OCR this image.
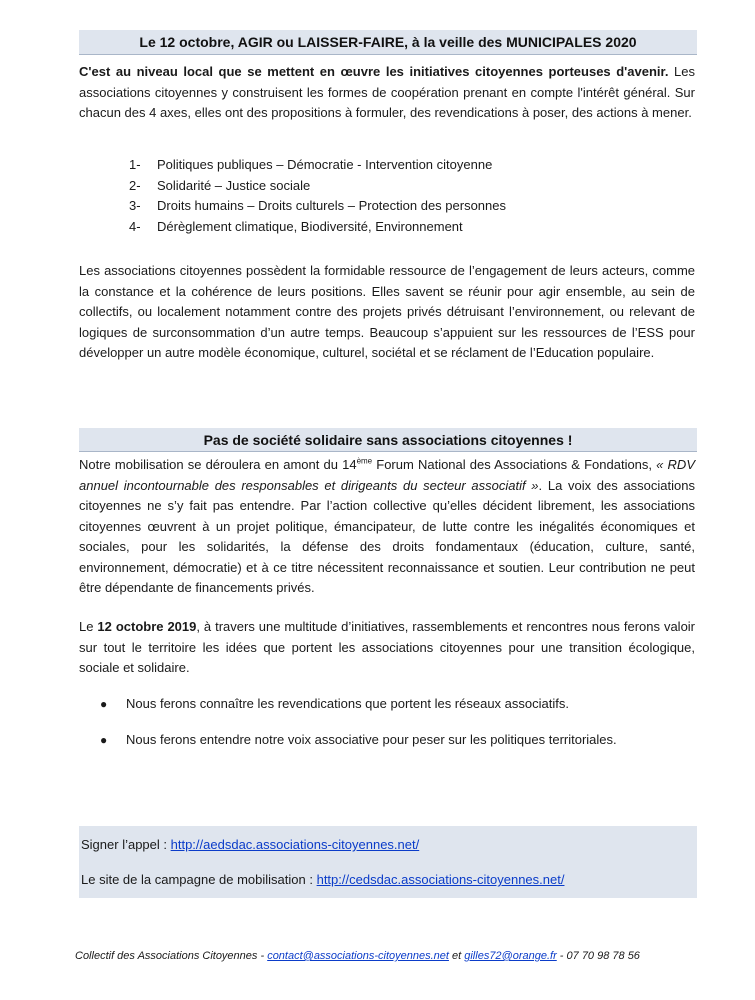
Le 12 octobre, AGIR ou LAISSER-FAIRE, à la veille des MUNICIPALES 2020

C'est au niveau local que se mettent en œuvre les initiatives citoyennes porteuses d'avenir. Les associations citoyennes y construisent les formes de coopération prenant en compte l'intérêt général. Sur chacun des 4 axes, elles ont des propositions à formuler, des revendications à poser, des actions à mener.

1- Politiques publiques – Démocratie - Intervention citoyenne
2- Solidarité – Justice sociale
3- Droits humains – Droits culturels – Protection des personnes
4- Dérèglement climatique, Biodiversité, Environnement

Les associations citoyennes possèdent la formidable ressource de l’engagement de leurs acteurs, comme la constance et la cohérence de leurs positions. Elles savent se réunir pour agir ensemble, au sein de collectifs, ou localement notamment contre des projets privés détruisant l’environnement, ou relevant de logiques de surconsommation d’un autre temps. Beaucoup s’appuient sur les ressources de l’ESS pour développer un autre modèle économique, culturel, sociétal et se réclament de l’Education populaire.

Pas de société solidaire sans associations citoyennes !

Notre mobilisation se déroulera en amont du 14ème Forum National des Associations & Fondations, « RDV annuel incontournable des responsables et dirigeants du secteur associatif ». La voix des associations citoyennes ne s’y fait pas entendre. Par l’action collective qu’elles décident librement, les associations citoyennes œuvrent à un projet politique, émancipateur, de lutte contre les inégalités économiques et sociales, pour les solidarités, la défense des droits fondamentaux (éducation, culture, santé, environnement, démocratie) et à ce titre nécessitent reconnaissance et soutien. Leur contribution ne peut être dépendante de financements privés.

Le 12 octobre 2019, à travers une multitude d’initiatives, rassemblements et rencontres nous ferons valoir sur tout le territoire les idées que portent les associations citoyennes pour une transition écologique, sociale et solidaire.

● Nous ferons connaître les revendications que portent les réseaux associatifs.
● Nous ferons entendre notre voix associative pour peser sur les politiques territoriales.
Signer l’appel : http://aedsdac.associations-citoyennes.net/
Le site de la campagne de mobilisation : http://cedsdac.associations-citoyennes.net/
Collectif des Associations Citoyennes - contact@associations-citoyennes.net et gilles72@orange.fr - 07 70 98 78 56
